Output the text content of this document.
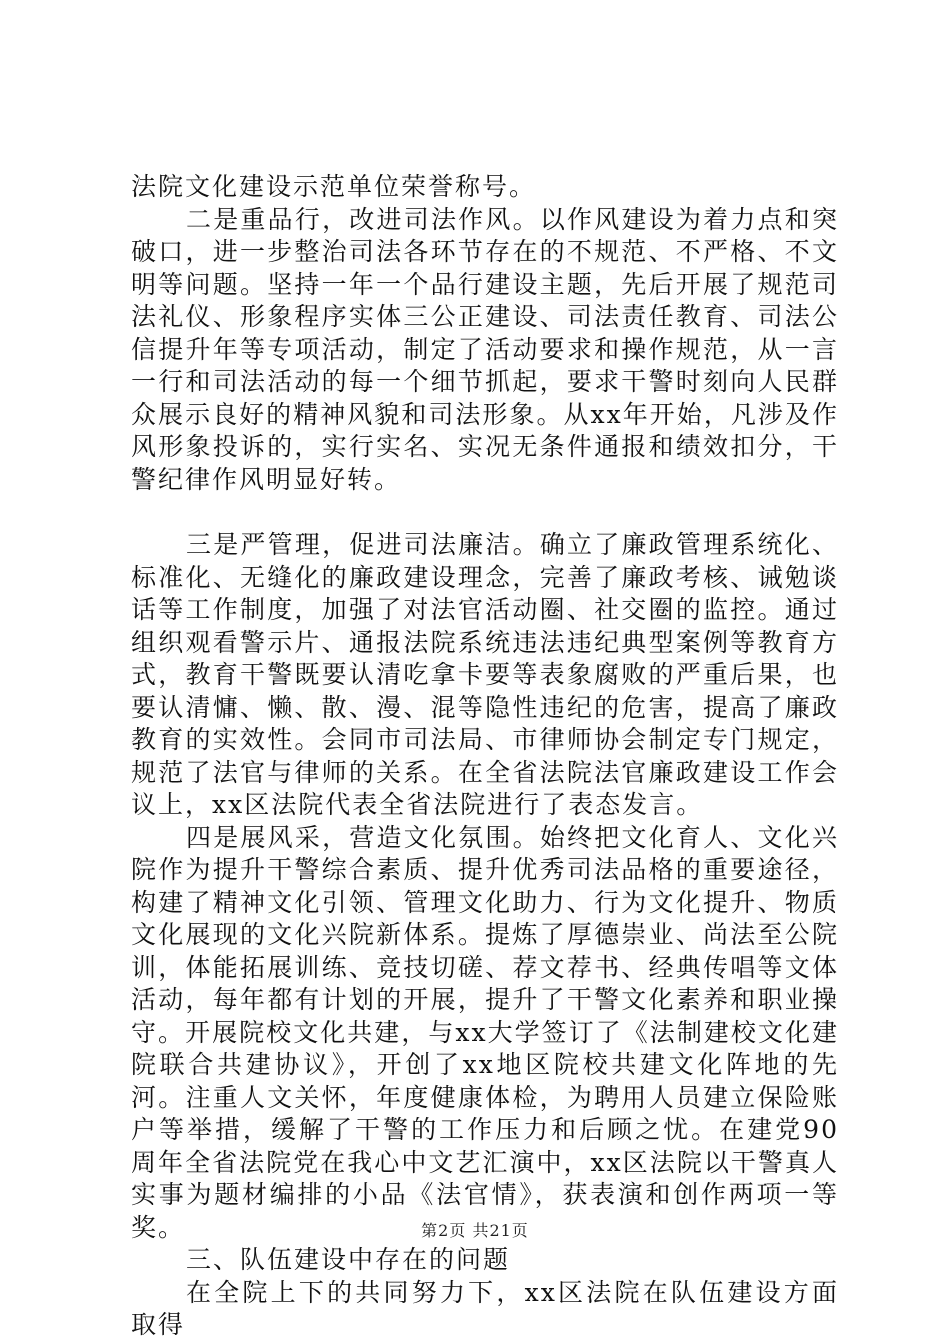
法院文化建设示范单位荣誉称号。

二是重品行，改进司法作风。以作风建设为着力点和突破口，进一步整治司法各环节存在的不规范、不严格、不文明等问题。坚持一年一个品行建设主题，先后开展了规范司法礼仪、形象程序实体三公正建设、司法责任教育、司法公信提升年等专项活动，制定了活动要求和操作规范，从一言一行和司法活动的每一个细节抓起，要求干警时刻向人民群众展示良好的精神风貌和司法形象。从xx年开始，凡涉及作风形象投诉的，实行实名、实况无条件通报和绩效扣分，干警纪律作风明显好转。

三是严管理，促进司法廉洁。确立了廉政管理系统化、标准化、无缝化的廉政建设理念，完善了廉政考核、诫勉谈话等工作制度，加强了对法官活动圈、社交圈的监控。通过组织观看警示片、通报法院系统违法违纪典型案例等教育方式，教育干警既要认清吃拿卡要等表象腐败的严重后果，也要认清慵、懒、散、漫、混等隐性违纪的危害，提高了廉政教育的实效性。会同市司法局、市律师协会制定专门规定，规范了法官与律师的关系。在全省法院法官廉政建设工作会议上，xx区法院代表全省法院进行了表态发言。

四是展风采，营造文化氛围。始终把文化育人、文化兴院作为提升干警综合素质、提升优秀司法品格的重要途径，构建了精神文化引领、管理文化助力、行为文化提升、物质文化展现的文化兴院新体系。提炼了厚德崇业、尚法至公院训，体能拓展训练、竞技切磋、荐文荐书、经典传唱等文体活动，每年都有计划的开展，提升了干警文化素养和职业操守。开展院校文化共建，与xx大学签订了《法制建校文化建院联合共建协议》，开创了xx地区院校共建文化阵地的先河。注重人文关怀，年度健康体检，为聘用人员建立保险账户等举措，缓解了干警的工作压力和后顾之忧。在建党90周年全省法院党在我心中文艺汇演中，xx区法院以干警真人实事为题材编排的小品《法官情》，获表演和创作两项一等奖。

三、队伍建设中存在的问题

在全院上下的共同努力下，xx区法院在队伍建设方面取得

第2页 共21页
